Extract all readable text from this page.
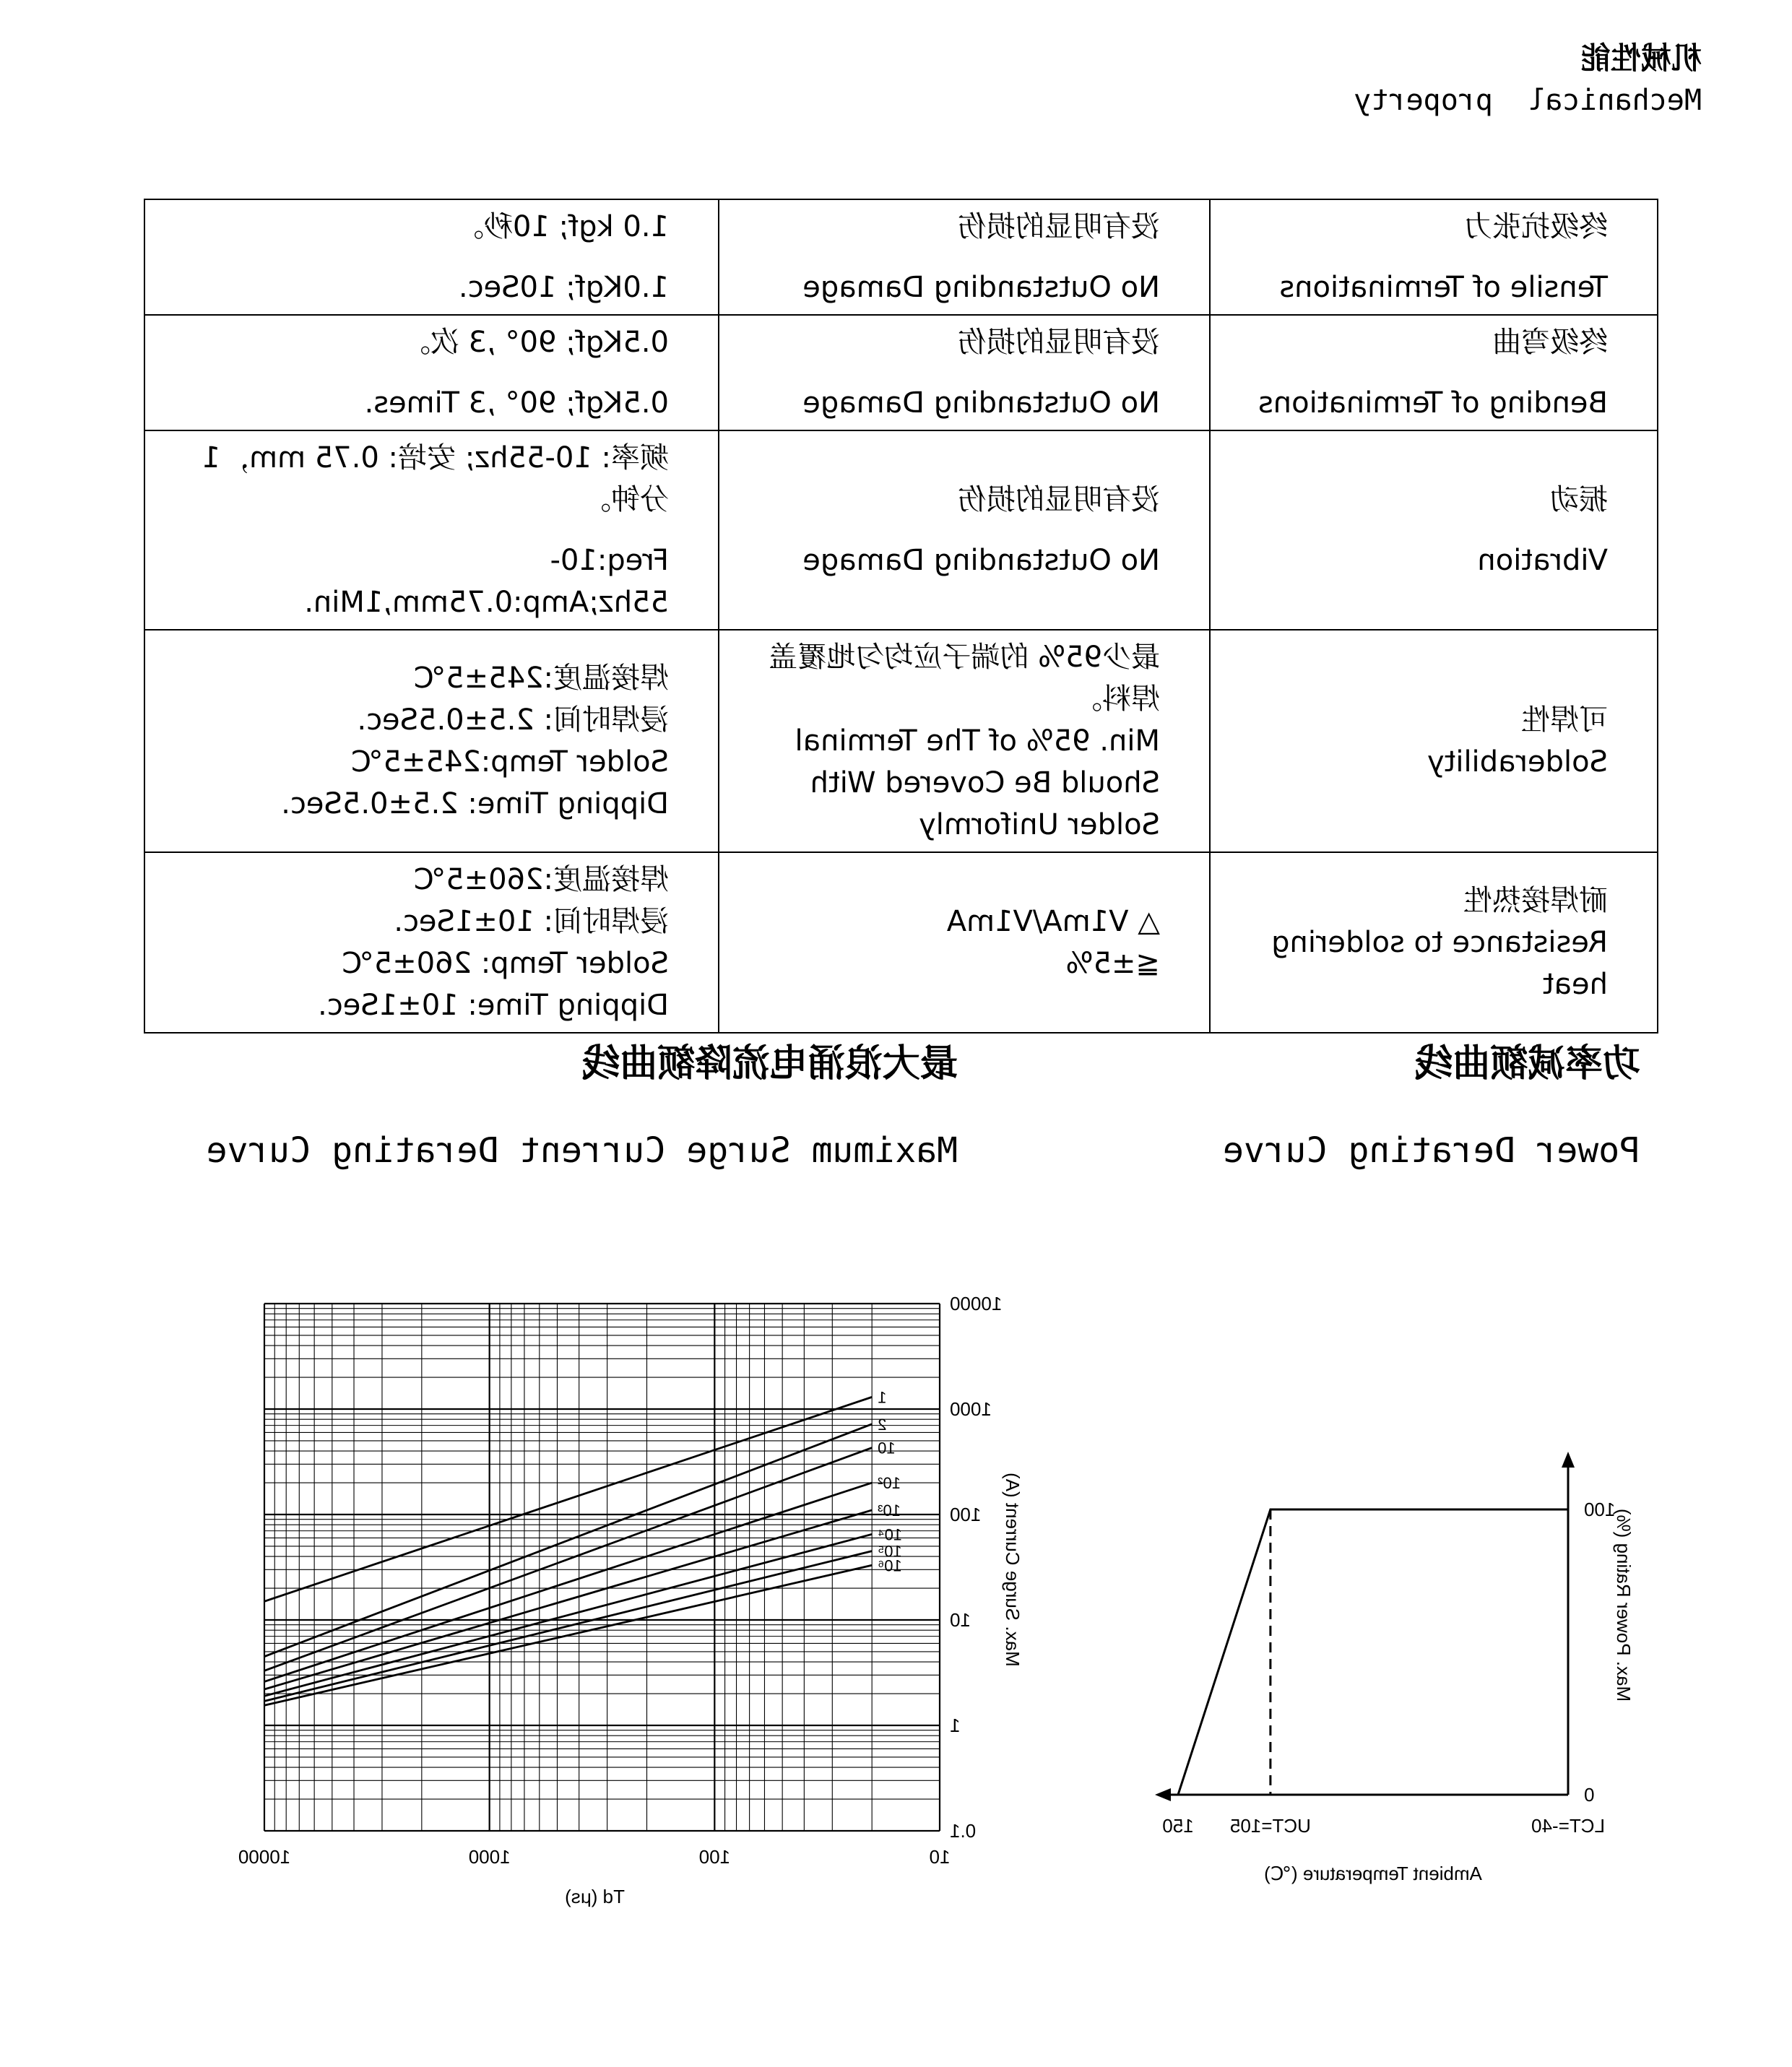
机械性能
Mechanical  property
终级抗张力
Tensile of Terminations	没有明显的损伤
No Outstanding Damage	1.0 kgf; 10秒。
1.0Kgf; 10Sec.

终级弯曲
Bending of Terminations	没有明显的损伤
No Outstanding Damage	0.5Kgf; 90° ,3 次。
0.5Kgf; 90° ,3 Times.

振动
Vibration	没有明显的损伤
No Outstanding Damage	频率: 10-55hz; 安培: 0.75 mm，1 分钟。
Freq:10-55hz;Amp:0.75mm,1Min.

可焊性
Solderability	最少95% 的端子应均匀地覆盖焊料。
Min. 95% of The Terminal Should Be Covered With Solder Uniformly	焊接温度:245±5℃
浸焊时间: 2.5±0.5Sec.
Solder Temp:245±5℃
Dipping Time: 2.5±0.5Sec.

耐焊接热性
Resistance to soldering heat	△ V1mA/V1mA
≦±5%	焊接温度:260±5℃
浸焊时间: 10±1Sec.
Solder Temp: 260±5℃
Dipping Time: 10±1Sec.
功率减额曲线
Power Derating Curve
最大浪涌电流降额曲线
Maximum Surge Current Derating Curve
LCT=-40
UCT=105
150
0
100
Ambient Temperature (℃)
Max. Power Rating (%)
1
2
10
10²
10³
10⁴
10⁵
10⁶
10
100
1000
10000
0.1
1
10
100
1000
10000
Td (μs)
Max. Surge Current (A)
